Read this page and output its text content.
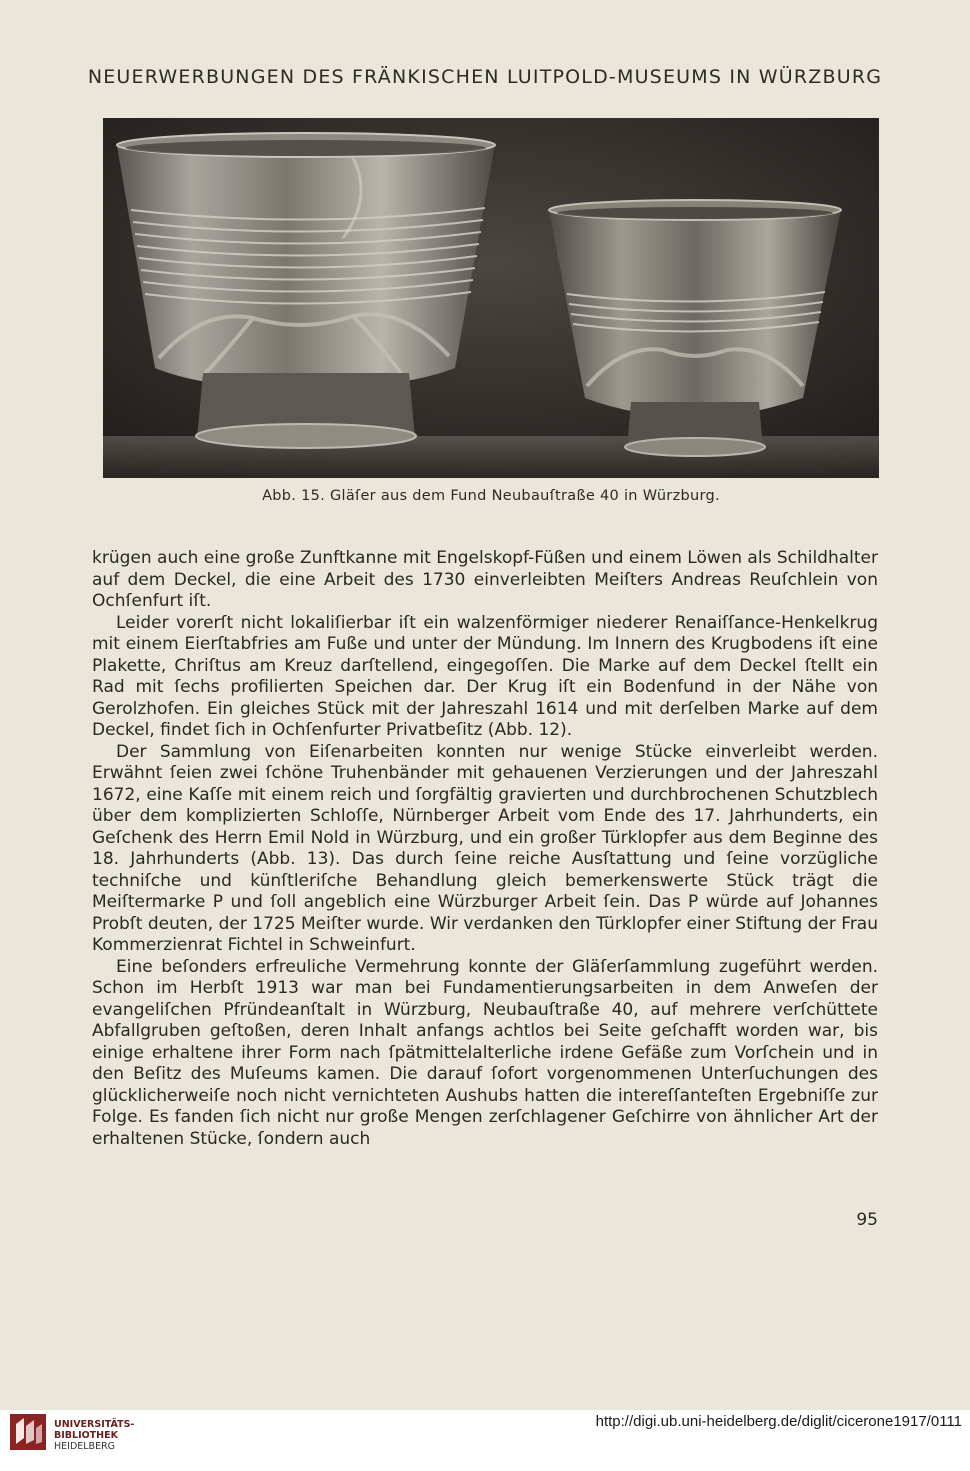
NEUERWERBUNGEN DES FRÄNKISCHEN LUITPOLD-MUSEUMS IN WÜRZBURG
Abb. 15. Gläſer aus dem Fund Neubauſtraße 40 in Würzburg.

krügen auch eine große Zunftkanne mit Engelskopf-Füßen und einem Löwen als Schildhalter auf dem Deckel, die eine Arbeit des 1730 einverleibten Meiſters Andreas Reuſchlein von Ochſenfurt iſt.

Leider vorerſt nicht lokaliſierbar iſt ein walzenförmiger niederer Renaiſſance-Henkelkrug mit einem Eierſtabfries am Fuße und unter der Mündung. Im Innern des Krugbodens iſt eine Plakette, Chriſtus am Kreuz darſtellend, eingegoſſen. Die Marke auf dem Deckel ſtellt ein Rad mit ſechs profilierten Speichen dar. Der Krug iſt ein Bodenfund in der Nähe von Gerolzhofen. Ein gleiches Stück mit der Jahreszahl 1614 und mit derſelben Marke auf dem Deckel, findet ſich in Ochſenfurter Privatbeſitz (Abb. 12).

Der Sammlung von Eiſenarbeiten konnten nur wenige Stücke einverleibt werden. Erwähnt ſeien zwei ſchöne Truhenbänder mit gehauenen Verzierungen und der Jahreszahl 1672, eine Kaſſe mit einem reich und ſorgfältig gravierten und durchbrochenen Schutzblech über dem komplizierten Schloſſe, Nürnberger Arbeit vom Ende des 17. Jahrhunderts, ein Geſchenk des Herrn Emil Nold in Würzburg, und ein großer Türklopfer aus dem Beginne des 18. Jahrhunderts (Abb. 13). Das durch ſeine reiche Ausſtattung und ſeine vorzügliche techniſche und künſtleriſche Behandlung gleich bemerkenswerte Stück trägt die Meiſtermarke P und ſoll angeblich eine Würzburger Arbeit ſein. Das P würde auf Johannes Probſt deuten, der 1725 Meiſter wurde. Wir verdanken den Türklopfer einer Stiftung der Frau Kommerzienrat Fichtel in Schweinfurt.

Eine beſonders erfreuliche Vermehrung konnte der Gläſerſammlung zugeführt werden. Schon im Herbſt 1913 war man bei Fundamentierungsarbeiten in dem Anweſen der evangeliſchen Pfründeanſtalt in Würzburg, Neubauſtraße 40, auf mehrere verſchüttete Abfallgruben geſtoßen, deren Inhalt anfangs achtlos bei Seite geſchafft worden war, bis einige erhaltene ihrer Form nach ſpätmittelalterliche irdene Gefäße zum Vorſchein und in den Beſitz des Muſeums kamen. Die darauf ſofort vorgenommenen Unterſuchungen des glücklicherweiſe noch nicht vernichteten Aushubs hatten die intereſſanteſten Ergebniſſe zur Folge. Es fanden ſich nicht nur große Mengen zerſchlagener Geſchirre von ähnlicher Art der erhaltenen Stücke, ſondern auch

95
UNIVERSITÄTS-
BIBLIOTHEK
HEIDELBERG
http://digi.ub.uni-heidelberg.de/diglit/cicerone1917/0111
